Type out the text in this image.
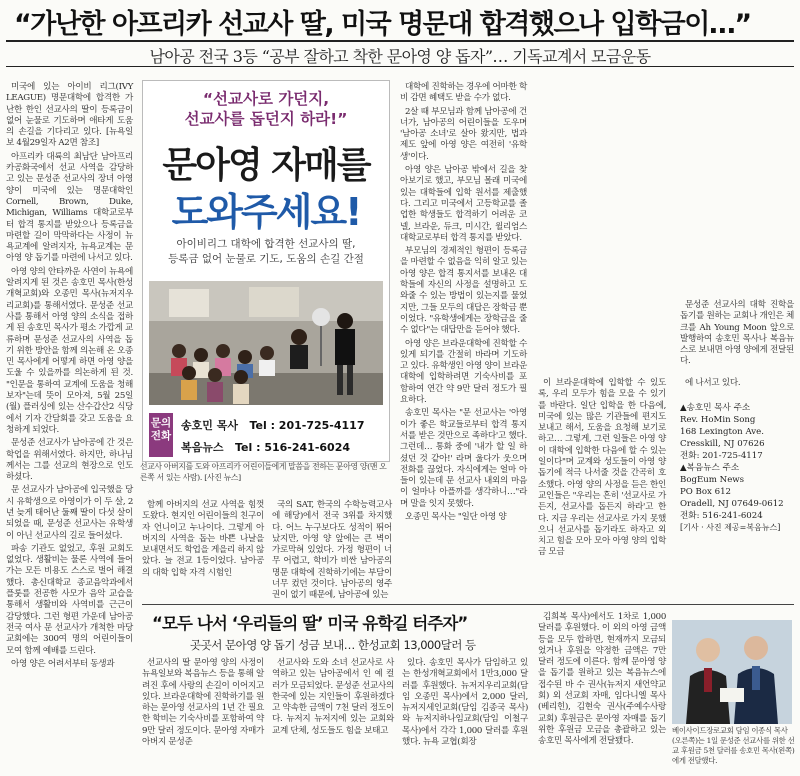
“가난한 아프리카 선교사 딸, 미국 명문대 합격했으나 입학금이…”
남아공 전국 3등 “공부 잘하고 착한 문아영 양 돕자”… 기독교계서 모금운동

미국에 있는 아이비 리그(IVY LEAGUE) 명문대학에 합격한 가난한 한인 선교사의 딸이 등록금이 없어 눈물로 기도하며 애타게 도움의 손길을 기다리고 있다. [뉴욕일보 4월29일자 A2면 참조]

아프리카 대륙의 최남단 남아프리카공화국에서 선교 사역을 감당하고 있는 문성준 선교사의 장녀 아영 양이 미국에 있는 명문대학인 Cornell, Brown, Duke, Michigan, Williams 대학교로부터 합격 통지를 받았으나 등록금을 마련할 길이 막막하다는 사정이 뉴욕교계에 알려지자, 뉴욕교계는 문아영 양 돕기를 마련에 나서고 있다.

아영 양의 안타까운 사연이 뉴욕에 알려지게 된 것은 송호민 목사(한성개혁교회)와 오종민 목사(뉴저지우리교회)를 통해서였다. 문성준 선교사를 통해서 아영 양의 소식을 접하게 된 송호민 목사가 평소 가깝게 교류하며 문성준 선교사의 사역을 돕기 위한 방안을 함께 의논해 온 오종민 목사에게 어떻게 하면 아영 양을 도울 수 있을까를 의논하게 된 것. "인문을 통하여 교계에 도움을 청해보자"는데 뜻이 모아져, 5월 25일(월) 플러싱에 있는 산수갑산2 식당에서 기자 간담회를 갖고 도움을 요청하게 되었다.

문성준 선교사가 남아공에 간 것은 학업을 위해서였다. 하지만, 하나님께서는 그를 선교의 현장으로 인도하셨다.

문 선교사가 남아공에 입국했을 당시 유학생으로 아영이가 이 두 살, 2년 늦게 태어난 둘째 딸이 다섯 살이 되었을 때, 문성준 선교사는 유학생이 아닌 선교사의 길로 들어섰다.

파송 기관도 없었고, 후원 교회도 없었다. 생활비는 물론 사역에 들어가는 모든 비용도 스스로 벌어 해결했다. 총신대학교 종교음악과에서 플룻를 전공한 사모가 음악 교습을 통해서 생활비와 사역비를 근근이 감당했다. 그런 형편 가운데 남아공 전국 여사 문 선교사가 개척한 마당교회에는 300여 명의 어린이들이 모여 함께 예배를 드린다.

아영 양은 어려서부터 동생과

“선교사로 가던지,
선교사를 돕던지 하라!”
문아영 자매를
도와주세요!
아이비리그 대학에 합격한 선교사의 딸,
등록금 없어 눈물로 기도, 도움의 손길 간절
문의
전화
송호민 목사 Tel : 201-725-4117
복음뉴스 Tel : 516-241-6024
선교사 아버지를 도와 아프리카 어린이들에게 말씀을 전하는 문아영 양(맨 오른쪽 서 있는 사람). [사진 뉴스]

대학에 진학하는 경우에 어마한 학비 감면 혜택도 받을 수가 없다.

2살 때 부모님과 함께 남아공에 건너가, 남아공의 어린이들을 도우며 '남아공 소녀'로 살아 왔지만, 법과 제도 앞에 아영 양은 여전히 '유학생'이다.

아영 양은 남아공 밖에서 길을 찾아보기로 했고, 부모님 몰래 미국에 있는 대학들에 입학 원서를 제출했다. 그리고 미국에서 고등학교를 졸업한 학생들도 합격하기 어려운 코넬, 브라운, 듀크, 미시간, 윌리엄스 대학교로부터 합격 통지를 받았다.

부모님의 경제적인 형편이 등록금을 마련할 수 없음을 익히 알고 있는 아영 양은 합격 통지서를 보내온 대학들에 자신의 사정을 설명하고 도와줄 수 있는 방법이 있는지를 물었지만, 그들 모두의 대답은 장학금 뿐이었다. "유학생에게는 장학금을 줄 수 없다"는 대답만을 듣어야 했다.

아영 양은 브라운대학에 진학할 수 있게 되기를 간절히 바라며 기도하고 있다. 유학생인 아영 양이 브라운대학에 입학하려면 기숙사비를 포함하여 연간 약 9만 달러 정도가 필요하다.

송호민 목사는 "문 선교사는 '아영이가 좋은 학교들로부터 합격 통지서를 받은 것만으로 족하다'고 했다. 그런데… 통화 중에 '내가 할 일 하셨던 것 같아!' 라며 울다가 웃으며 전화를 끊었다. 자식에게는 얼마 아들이 있는데 문 선교사 내외의 마음이 얼마나 아플까를 생각하니…"라며 말을 잇지 못했다.

오종민 목사는 "일단 아영 양

함께 아버지의 선교 사역을 힘껏 도왔다. 현지인 어린이들의 친구이자 언니이고 누나이다. 그렇게 아버지의 사역을 돕는 바쁜 나날을 보내면서도 학업을 게을리 하지 않았다. 늘 전교 1등이었다. 남아공의 대학 입학 자격 시험인

국의 SAT, 한국의 수학능력고사에 해당)에서 전국 3위를 차지했다. 어느 누구보다도 성적이 뛰어났지만, 아영 양 앞에는 큰 벽이 가로막혀 있었다. 가정 형편이 너무 어렵고, 학비가 비싼 남아공의 명문 대학에 진학하기에는 부담이 너무 컸던 것이다. 남아공의 영주권이 없기 때문에, 남아공에 있는

이 브라운대학에 입학할 수 있도록, 우리 모두가 힘을 모을 수 있기를 바란다. 일단 입학을 한 다음에, 미국에 있는 많은 기관들에 편지도 보내고 해서, 도움을 요청해 보기로 하고… 그렇게, 그런 일들은 아영 양이 대학에 입학한 다음에 할 수 있는 일이다"며 교계와 성도들이 아영 양 돕기에 적극 나서줄 것을 간곡히 호소했다. 아영 양의 사정을 듣은 한인 교인들은 "우리는 흔히 '선교사로 가든지, 선교사를 돕든지 하라'고 한다. 지금 우리는 선교사로 가지 못했으니 선교사를 돕기라도 하자고 외치고 힘을 모아 모아 아영 양의 입학금 모금

에 나서고 있다.

문성준 선교사의 대학 진학을 돕기를 원하는 교회나 개인은 체크를 Ah Young Moon 앞으로 발행하여 송호민 목사나 복음뉴스로 보내면 아영 양에게 전달된다.

▲송호민 목사 주소
Rev. HoMin Song
168 Lexington Ave.
Cresskill, NJ 07626
전화: 201-725-4117
▲복음뉴스 주소
BogEum News
PO Box 612
Oradell, NJ 07649-0612
전화: 516-241-6024
[기사 · 사진 제공=복음뉴스]
“모두 나서 ‘우리들의 딸’ 미국 유학길 터주자”
곳곳서 문아영 양 돕기 성금 보내… 한성교회 13,000달러 등

선교사의 딸 문아영 양의 사정이 뉴욕일보와 복음뉴스 등을 통해 알려진 후에 사랑의 손길이 이어지고 있다. 브라운대학에 진학하기를 원하는 문아영 선교사의 1년 간 필요한 학비는 기숙사비를 포함하여 약 9만 달러 정도이다. 문아영 자매가 아버지 문성준

선교사와 도와 소녀 선교사로 사역하고 있는 남아공에서 인 예 컬러가 모금되었다. 문성준 선교사의 한국에 있는 지인들이 후원하겠다고 약속한 금액이 7천 달러 정도이다. 뉴저지 뉴저지에 있는 교회와 교계 단체, 성도들도 힘을 보태고

있다. 송호민 목사가 담임하고 있는 한성개혁교회에서 1만3,000 달러를 후원했다. 뉴저지우리교회(담임 오종민 목사)에서 2,000 달러, 뉴저지세인교회(담임 김종국 목사)와 뉴저지하나임교회(담임 이철구 목사)에서 각각 1,000 달러를 후원했다. 뉴욕 교협(회장

김희복 목사)에서도 1차로 1,000 달러를 후원했다. 이 외의 아영 금액 등을 모두 합하면, 현재까지 모금되었거나 후원을 약정한 금액은 7만 달러 정도에 이른다. 함께 문아영 양을 돕기를 원하고 있는 복음뉴스에 접수된 바 수 권사(뉴저지 새언약교회) 외 선교회 자매, 임다니엘 목사(베리힌), 김현숙 권사(주예수사랑교회) 후원금은 문아영 자매를 돕기 위한 후원금 모금을 총괄하고 있는 송호민 목사에게 전달됐다.

베이사이드장로교회 담임 이종식 목사(오른쪽)는 1일 문성준 선교사를 위한 선교 후원금 5천 달러를 송호민 목사(왼쪽)에게 전달했다.
